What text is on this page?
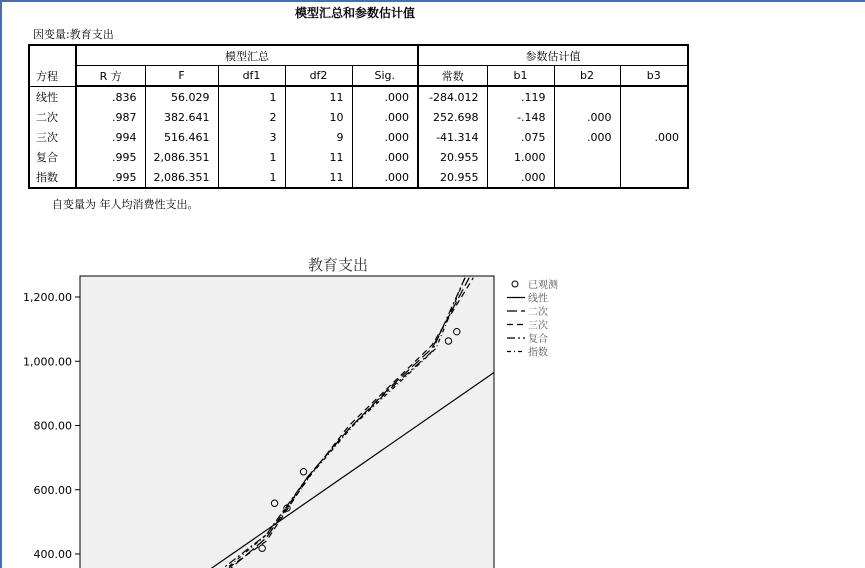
模型汇总和参数估计值
因变量:教育支出
方程	模型汇总					参数估计值			
	R 方	F	df1	df2	Sig.	常数	b1	b2	b3
线性	.836	56.029	1	11	.000	-284.012	.119		
二次	.987	382.641	2	10	.000	252.698	-.148	.000	
三次	.994	516.461	3	9	.000	-41.314	.075	.000	.000
复合	.995	2,086.351	1	11	.000	20.955	1.000		
指数	.995	2,086.351	1	11	.000	20.955	.000		
自变量为 年人均消费性支出。
教育支出
400.00
600.00
800.00
1,000.00
1,200.00
已观测
线性
二次
三次
复合
指数
